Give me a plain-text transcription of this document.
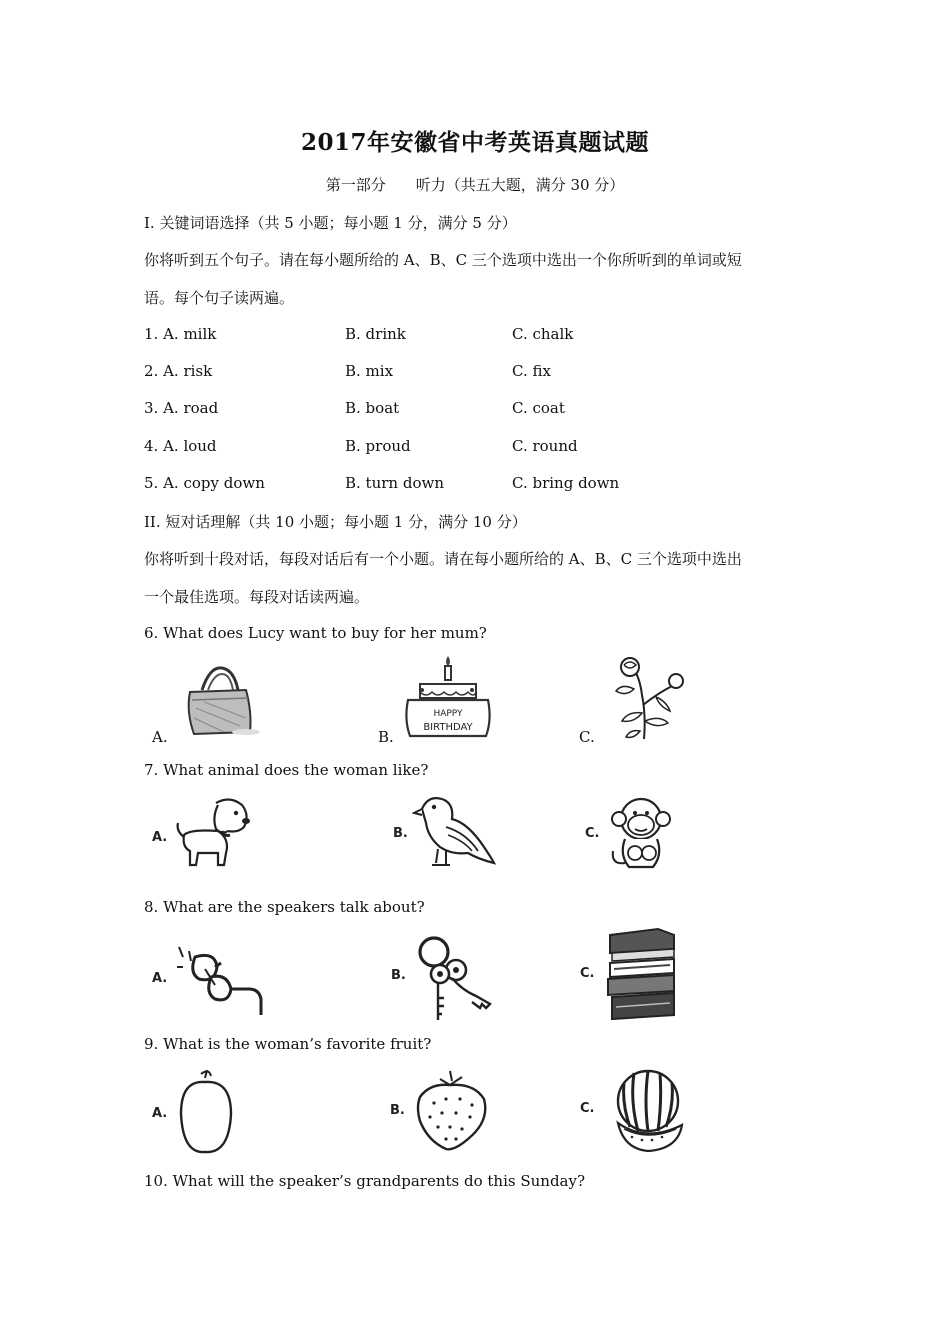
2017年安徽省中考英语真题试题
第一部分　　听力（共五大题，满分 30 分）
I. 关键词语选择（共 5 小题；每小题 1 分，满分 5 分）
你将听到五个句子。请在每小题所给的 A、B、C 三个选项中选出一个你所听到的单词或短
语。每个句子读两遍。
1. A. milk	B. drink	C. chalk
2. A. risk	B. mix	C. fix
3. A. road	B. boat	C. coat
4. A. loud	B. proud	C. round
5. A. copy down	B. turn down	C. bring down
II. 短对话理解（共 10 小题；每小题 1 分，满分 10 分）
你将听到十段对话，每段对话后有一个小题。请在每小题所给的 A、B、C 三个选项中选出
一个最佳选项。每段对话读两遍。
6. What does Lucy want to buy for her mum?
A.	B.	C.
HAPPY
BIRTHDAY
7. What animal does the woman like?
A.	B.	C.
8. What are the speakers talk about?
A.	B.	C.
9. What is the woman’s favorite fruit?
A.	B.	C.
10. What will the speaker’s grandparents do this Sunday?
